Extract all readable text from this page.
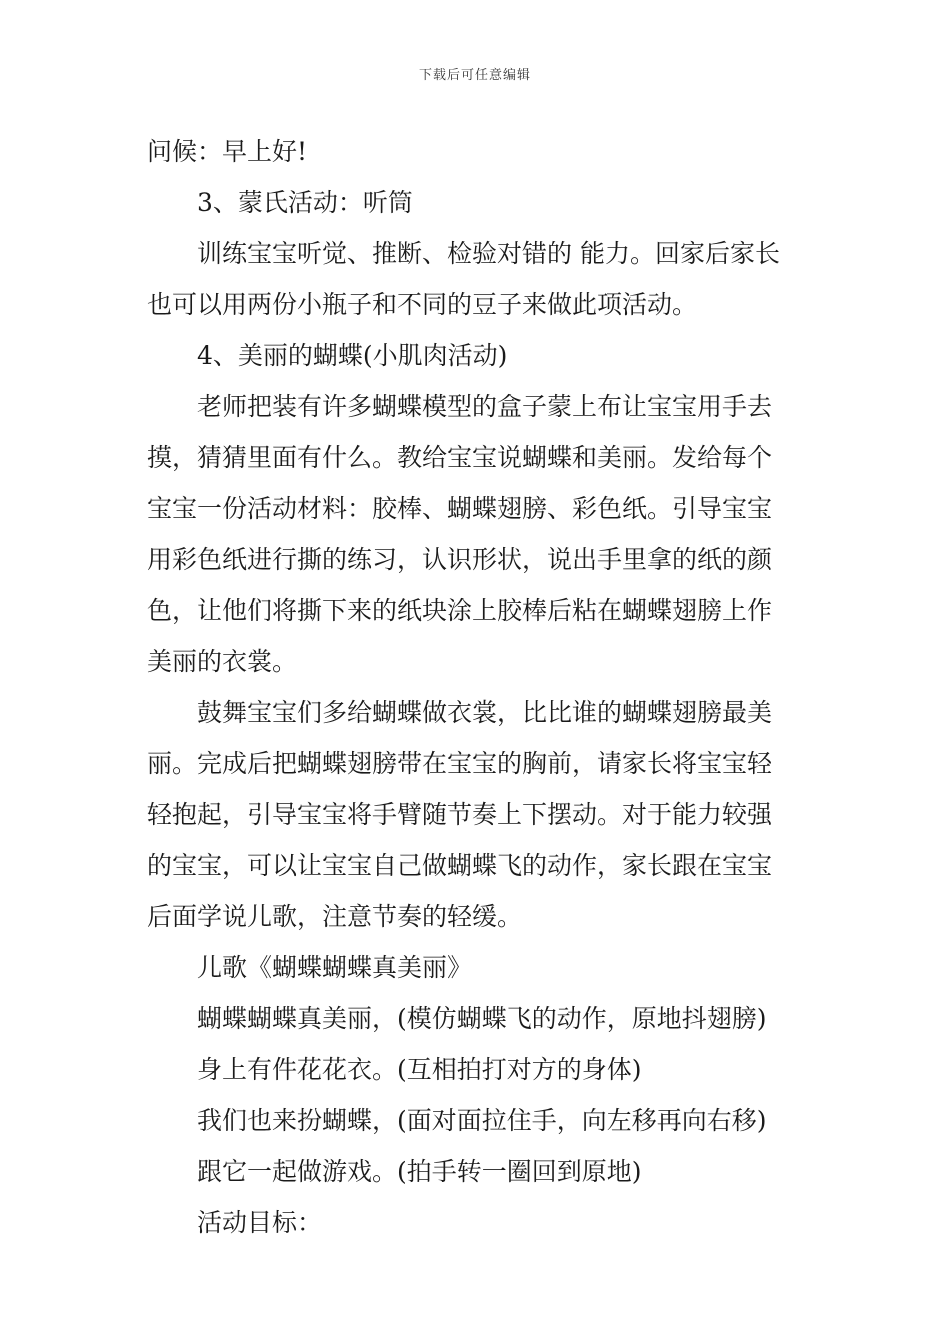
下载后可任意编辑
问候：早上好!
3、蒙氏活动：听筒
训练宝宝听觉、推断、检验对错的 能力。回家后家长
也可以用两份小瓶子和不同的豆子来做此项活动。
4、美丽的蝴蝶(小肌肉活动)
老师把装有许多蝴蝶模型的盒子蒙上布让宝宝用手去
摸，猜猜里面有什么。教给宝宝说蝴蝶和美丽。发给每个
宝宝一份活动材料：胶棒、蝴蝶翅膀、彩色纸。引导宝宝
用彩色纸进行撕的练习，认识形状，说出手里拿的纸的颜
色，让他们将撕下来的纸块涂上胶棒后粘在蝴蝶翅膀上作
美丽的衣裳。
鼓舞宝宝们多给蝴蝶做衣裳，比比谁的蝴蝶翅膀最美
丽。完成后把蝴蝶翅膀带在宝宝的胸前，请家长将宝宝轻
轻抱起，引导宝宝将手臂随节奏上下摆动。对于能力较强
的宝宝，可以让宝宝自己做蝴蝶飞的动作，家长跟在宝宝
后面学说儿歌，注意节奏的轻缓。
儿歌《蝴蝶蝴蝶真美丽》
蝴蝶蝴蝶真美丽，(模仿蝴蝶飞的动作，原地抖翅膀)
身上有件花花衣。(互相拍打对方的身体)
我们也来扮蝴蝶，(面对面拉住手，向左移再向右移)
跟它一起做游戏。(拍手转一圈回到原地)
活动目标：
